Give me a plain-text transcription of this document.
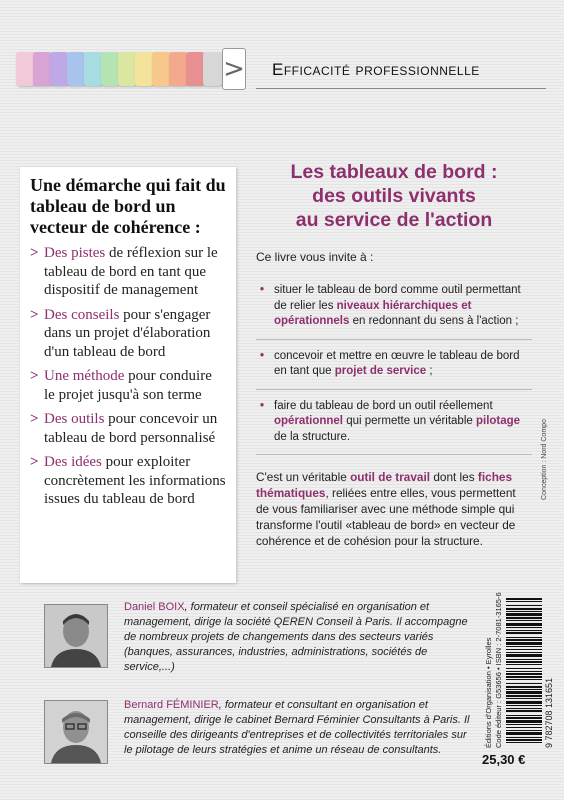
> Efficacité professionnelle
Une démarche qui fait du tableau de bord un vecteur de cohérence :
> Des pistes de réflexion sur le tableau de bord en tant que dispositif de management
> Des conseils pour s'engager dans un projet d'élaboration d'un tableau de bord
> Une méthode pour conduire le projet jusqu'à son terme
> Des outils pour concevoir un tableau de bord personnalisé
> Des idées pour exploiter concrètement les informations issues du tableau de bord
Les tableaux de bord :
des outils vivants
au service de l'action
Ce livre vous invite à :
• situer le tableau de bord comme outil permettant de relier les niveaux hiérarchiques et opérationnels en redonnant du sens à l'action ;
• concevoir et mettre en œuvre le tableau de bord en tant que projet de service ;
• faire du tableau de bord un outil réellement opérationnel qui permette un véritable pilotage de la structure.
C'est un véritable outil de travail dont les fiches thématiques, reliées entre elles, vous permettent de vous familiariser avec une méthode simple qui transforme l'outil «tableau de bord» en vecteur de cohérence et de cohésion pour la structure.
Conception : Nord Compo
Daniel BOIX, formateur et conseil spécialisé en organisation et management, dirige la société QEREN Conseil à Paris. Il accompagne de nombreux projets de changements dans des secteurs variés (banques, assurances, industries, administrations, sociétés de service,...)
Bernard FÉMINIER, formateur et consultant en organisation et management, dirige le cabinet Bernard Féminier Consultants à Paris. Il conseille des dirigeants d'entreprises et de collectivités territoriales sur le pilotage de leurs stratégies et anime un réseau de consultants.
Éditions d'Organisation • Eyrolles Code éditeur : G53656 • ISBN : 2-7081-3165-6	9 782708 131651
25,30 €
